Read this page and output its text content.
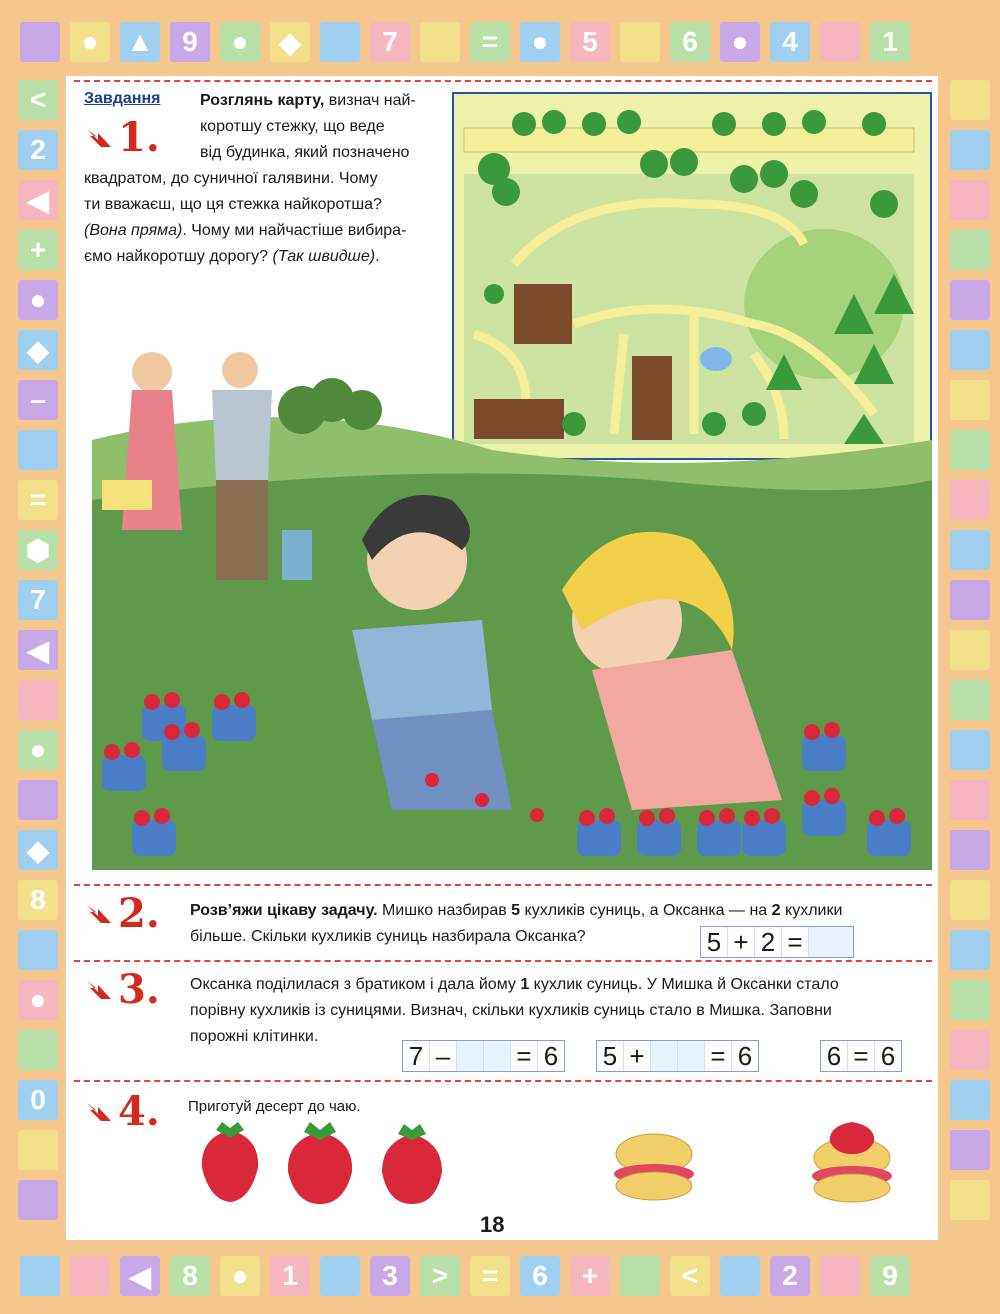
● ▲	9	●	◆	7	=	●	5	6	●	4	1
◀	8	●	1	3	>	=	6	+	<	2	9
<
2
◀
+
●
◆
–
=
⬢
7
◀
●
◆
8
●
0
Завдання
1.
Розглянь карту, визнач най-
коротшу стежку, що веде
від будинка, який позначено
квадратом, до суничної галявини. Чому
ти вважаєш, що ця стежка найкоротша?
(Вона пряма). Чому ми найчастіше вибира-
ємо найкоротшу дорогу? (Так швидше).
2. Розв’яжи цікаву задачу. Мишко назбирав 5 кухликів суниць, а Оксанка — на 2 кухлики
більше. Скільки кухликів суниць назбирала Оксанка?	5 + 2 =
3. Оксанка поділилася з братиком і дала йому 1 кухлик суниць. У Мишка й Оксанки стало
порівну кухликів із суницями. Визнач, скільки кухликів суниць стало в Мишка. Заповни
порожні клітинки.
7 –	= 6 5 +	= 6	6 = 6
4. Приготуй десерт до чаю.
18
